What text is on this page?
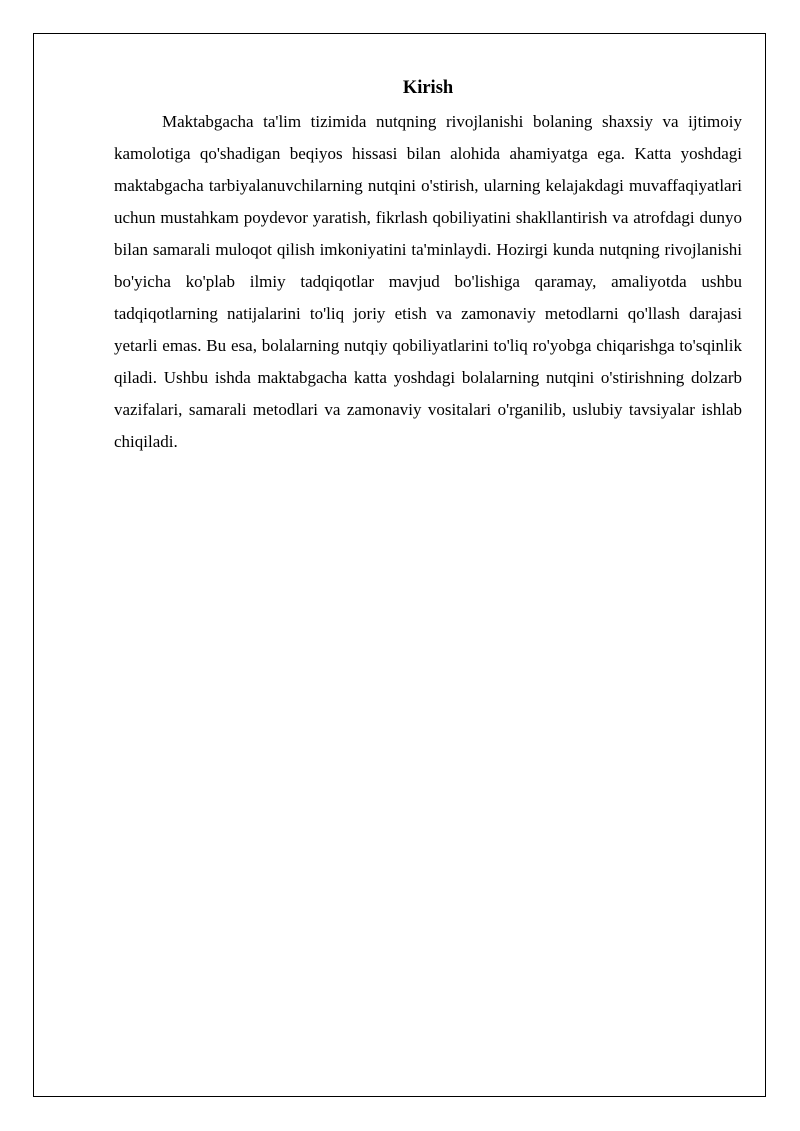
Kirish

Maktabgacha ta'lim tizimida nutqning rivojlanishi bolaning shaxsiy va ijtimoiy kamolotiga qo'shadigan beqiyos hissasi bilan alohida ahamiyatga ega. Katta yoshdagi maktabgacha tarbiyalanuvchilarning nutqini o'stirish, ularning kelajakdagi muvaffaqiyatlari uchun mustahkam poydevor yaratish, fikrlash qobiliyatini shakllantirish va atrofdagi dunyo bilan samarali muloqot qilish imkoniyatini ta'minlaydi. Hozirgi kunda nutqning rivojlanishi bo'yicha ko'plab ilmiy tadqiqotlar mavjud bo'lishiga qaramay, amaliyotda ushbu tadqiqotlarning natijalarini to'liq joriy etish va zamonaviy metodlarni qo'llash darajasi yetarli emas. Bu esa, bolalarning nutqiy qobiliyatlarini to'liq ro'yobga chiqarishga to'sqinlik qiladi. Ushbu ishda maktabgacha katta yoshdagi bolalarning nutqini o'stirishning dolzarb vazifalari, samarali metodlari va zamonaviy vositalari o'rganilib, uslubiy tavsiyalar ishlab chiqiladi.
